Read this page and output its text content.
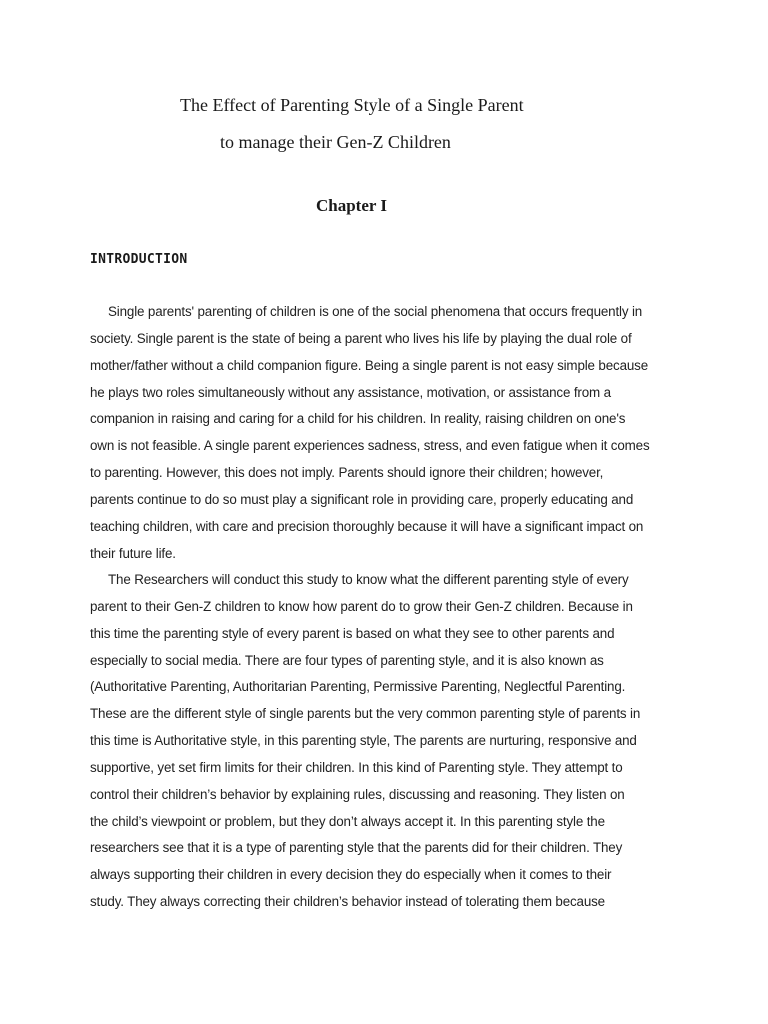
The Effect of Parenting Style of a Single Parent
to manage their Gen-Z Children
Chapter I
INTRODUCTION
Single parents' parenting of children is one of the social phenomena that occurs frequently in
society. Single parent is the state of being a parent who lives his life by playing the dual role of
mother/father without a child companion figure. Being a single parent is not easy simple because
he plays two roles simultaneously without any assistance, motivation, or assistance from a
companion in raising and caring for a child for his children. In reality, raising children on one's
own is not feasible. A single parent experiences sadness, stress, and even fatigue when it comes
to parenting. However, this does not imply. Parents should ignore their children; however,
parents continue to do so must play a significant role in providing care, properly educating and
teaching children, with care and precision thoroughly because it will have a significant impact on
their future life.
The Researchers will conduct this study to know what the different parenting style of every
parent to their Gen-Z children to know how parent do to grow their Gen-Z children. Because in
this time the parenting style of every parent is based on what they see to other parents and
especially to social media. There are four types of parenting style, and it is also known as
(Authoritative Parenting, Authoritarian Parenting, Permissive Parenting, Neglectful Parenting.
These are the different style of single parents but the very common parenting style of parents in
this time is Authoritative style, in this parenting style, The parents are nurturing, responsive and
supportive, yet set firm limits for their children. In this kind of Parenting style. They attempt to
control their children’s behavior by explaining rules, discussing and reasoning. They listen on
the child’s viewpoint or problem, but they don’t always accept it. In this parenting style the
researchers see that it is a type of parenting style that the parents did for their children. They
always supporting their children in every decision they do especially when it comes to their
study. They always correcting their children’s behavior instead of tolerating them because
